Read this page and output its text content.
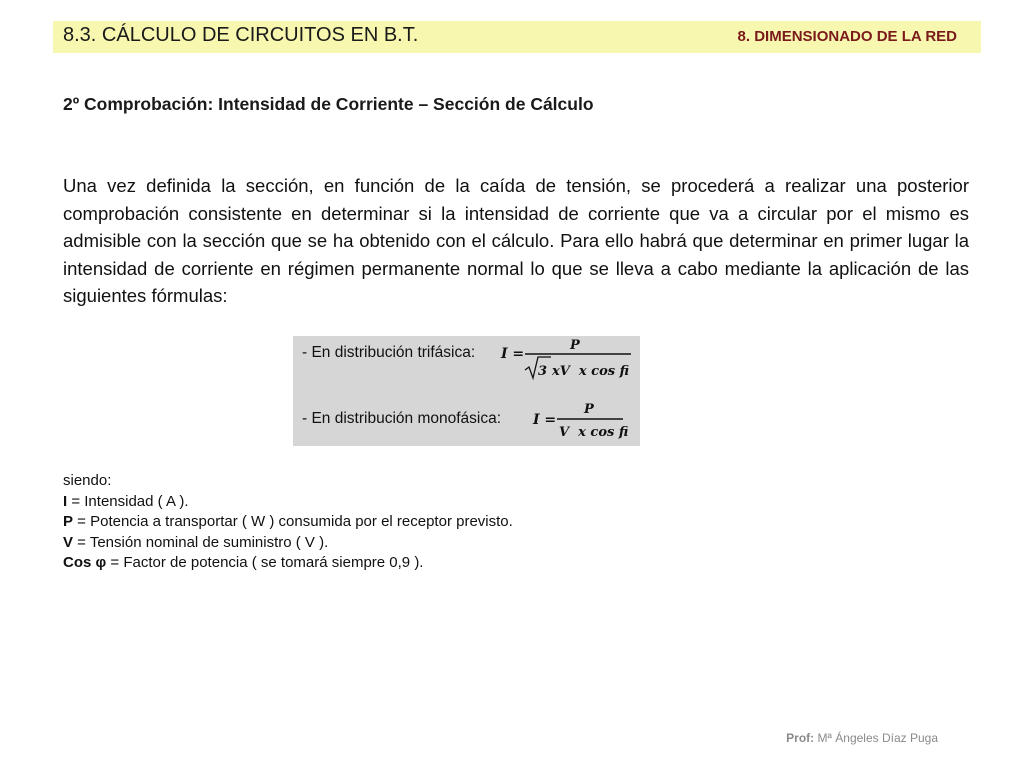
8.3. CÁLCULO DE CIRCUITOS EN B.T.	8. DIMENSIONADO DE LA RED
2º Comprobación: Intensidad de Corriente – Sección de Cálculo
Una vez definida la sección, en función de la caída de tensión, se procederá a realizar una posterior comprobación consistente en determinar si la intensidad de corriente que va a circular por el mismo es admisible con la sección que se ha obtenido con el cálculo. Para ello habrá que determinar en primer lugar la intensidad de corriente en régimen permanente normal lo que se lleva a cabo mediante la aplicación de las siguientes fórmulas:
- En distribución trifásica:
- En distribución monofásica:
I =
P
3 xV  x cos fi
I =
P
V  x cos fi
siendo:
I = Intensidad ( A ).
P = Potencia a transportar ( W ) consumida por el receptor previsto.
V = Tensión nominal de suministro ( V ).
Cos φ = Factor de potencia ( se tomará siempre 0,9 ).
Prof: Mª Ángeles Díaz Puga
